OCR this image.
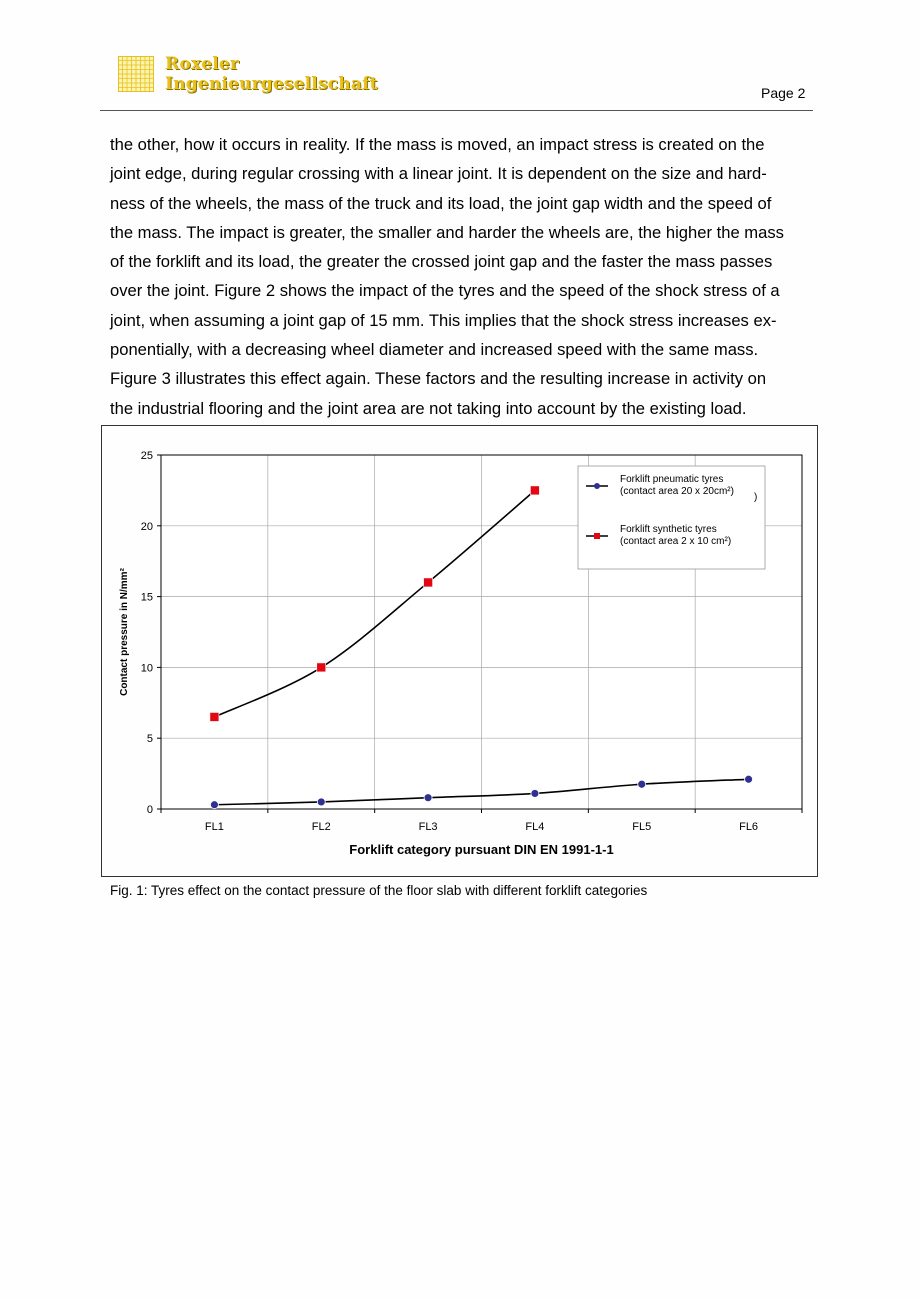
Roxeler
Ingenieurgesellschaft	Page 2
the other, how it occurs in reality. If the mass is moved, an impact stress is created on the
joint edge, during regular crossing with a linear joint. It is dependent on the size and hard-
ness of the wheels, the mass of the truck and its load, the joint gap width and the speed of
the mass. The impact is greater, the smaller and harder the wheels are, the higher the mass
of the forklift and its load, the greater the crossed joint gap and the faster the mass passes
over the joint. Figure 2 shows the impact of the tyres and the speed of the shock stress of a
joint, when assuming a joint gap of 15 mm. This implies that the shock stress increases ex-
ponentially, with a decreasing wheel diameter and increased speed with the same mass.
Figure 3 illustrates this effect again. These factors and the resulting increase in activity on
the industrial flooring and the joint area are not taking into account by the existing load.
0
5
10
15
20
25
FL1	FL2	FL3	FL4	FL5	FL6
Forklift category pursuant DIN EN 1991-1-1
Contact pressure in N/mm²
Forklift pneumatic tyres
(contact area 20 x 20cm²)
)
Forklift synthetic tyres
(contact area 2 x 10 cm²)
Fig. 1: Tyres effect on the contact pressure of the floor slab with different forklift categories
